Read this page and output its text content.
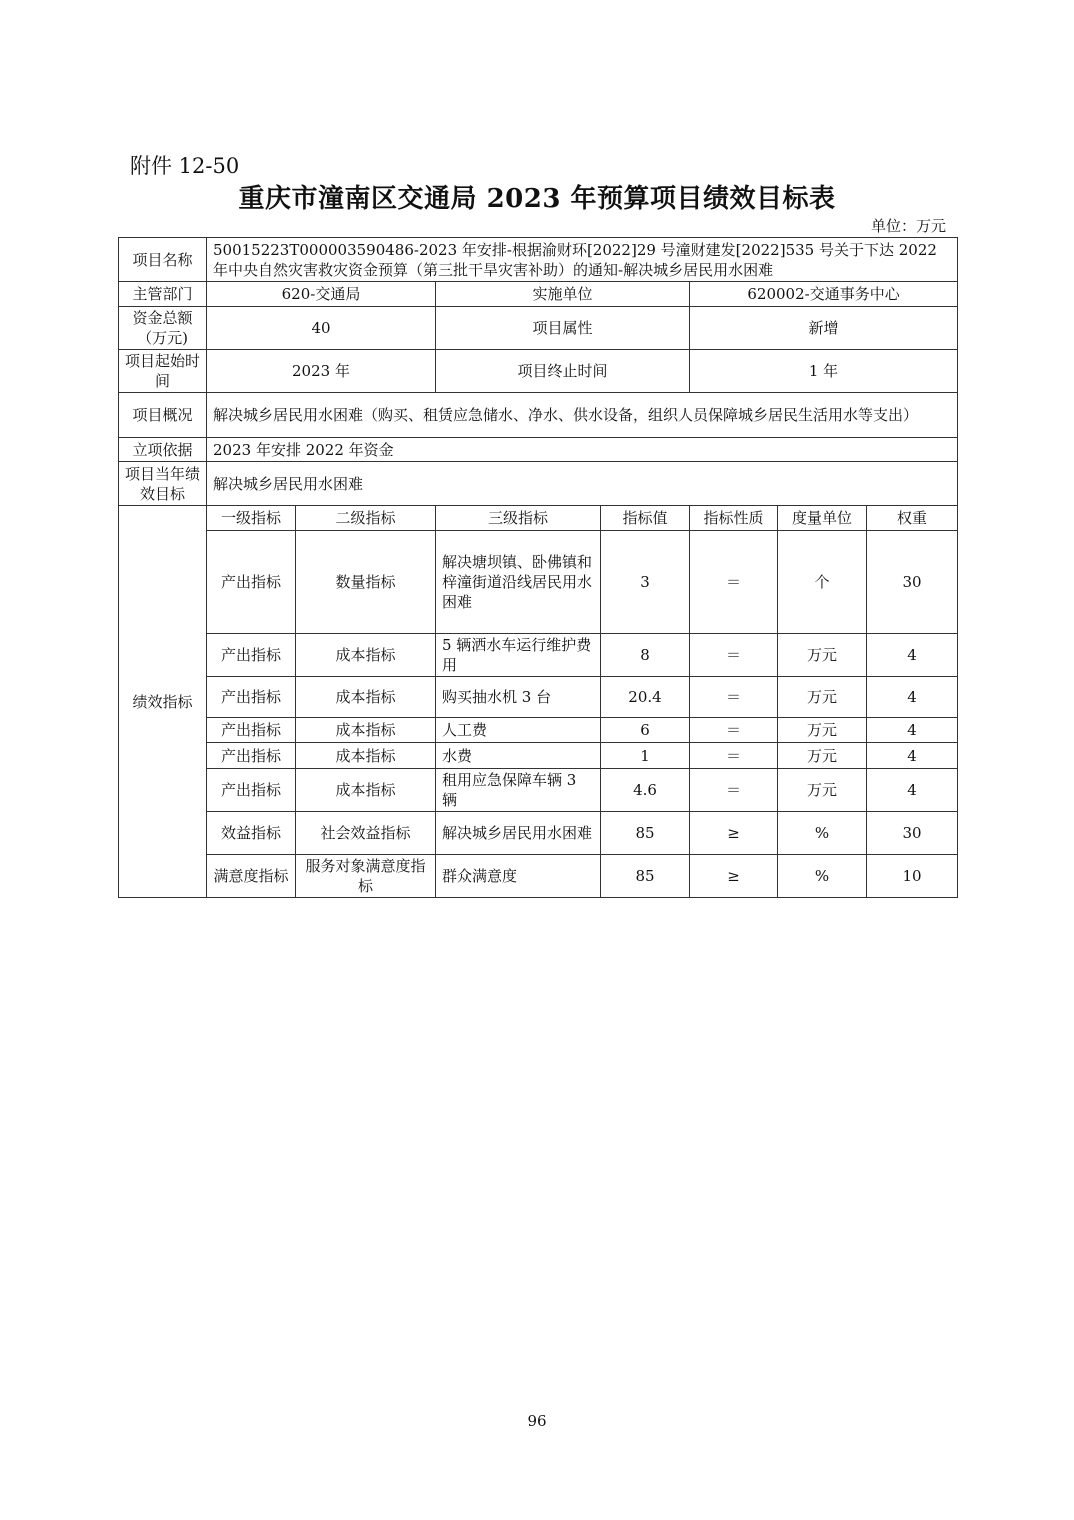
附件 12-50
重庆市潼南区交通局 2023 年预算项目绩效目标表
单位：万元
项目名称	50015223T000003590486-2023 年安排-根据渝财环[2022]29 号潼财建发[2022]535 号关于下达 2022 年中央自然灾害救灾资金预算（第三批干旱灾害补助）的通知-解决城乡居民用水困难						
主管部门	620-交通局		实施单位		620002-交通事务中心		
资金总额（万元)	40		项目属性		新增		
项目起始时间	2023 年		项目终止时间		1 年		
项目概况	解决城乡居民用水困难（购买、租赁应急储水、净水、供水设备，组织人员保障城乡居民生活用水等支出）						
立项依据	2023 年安排 2022 年资金						
项目当年绩效目标	解决城乡居民用水困难						
绩效指标	一级指标	二级指标	三级指标	指标值	指标性质	度量单位	权重
	产出指标	数量指标	解决塘坝镇、卧佛镇和梓潼街道沿线居民用水困难	3	＝	个	30
	产出指标	成本指标	5 辆洒水车运行维护费用	8	＝	万元	4
	产出指标	成本指标	购买抽水机 3 台	20.4	＝	万元	4
	产出指标	成本指标	人工费	6	＝	万元	4
	产出指标	成本指标	水费	1	＝	万元	4
	产出指标	成本指标	租用应急保障车辆 3 辆	4.6	＝	万元	4
	效益指标	社会效益指标	解决城乡居民用水困难	85	≥	%	30
	满意度指标	服务对象满意度指标	群众满意度	85	≥	%	10
96
